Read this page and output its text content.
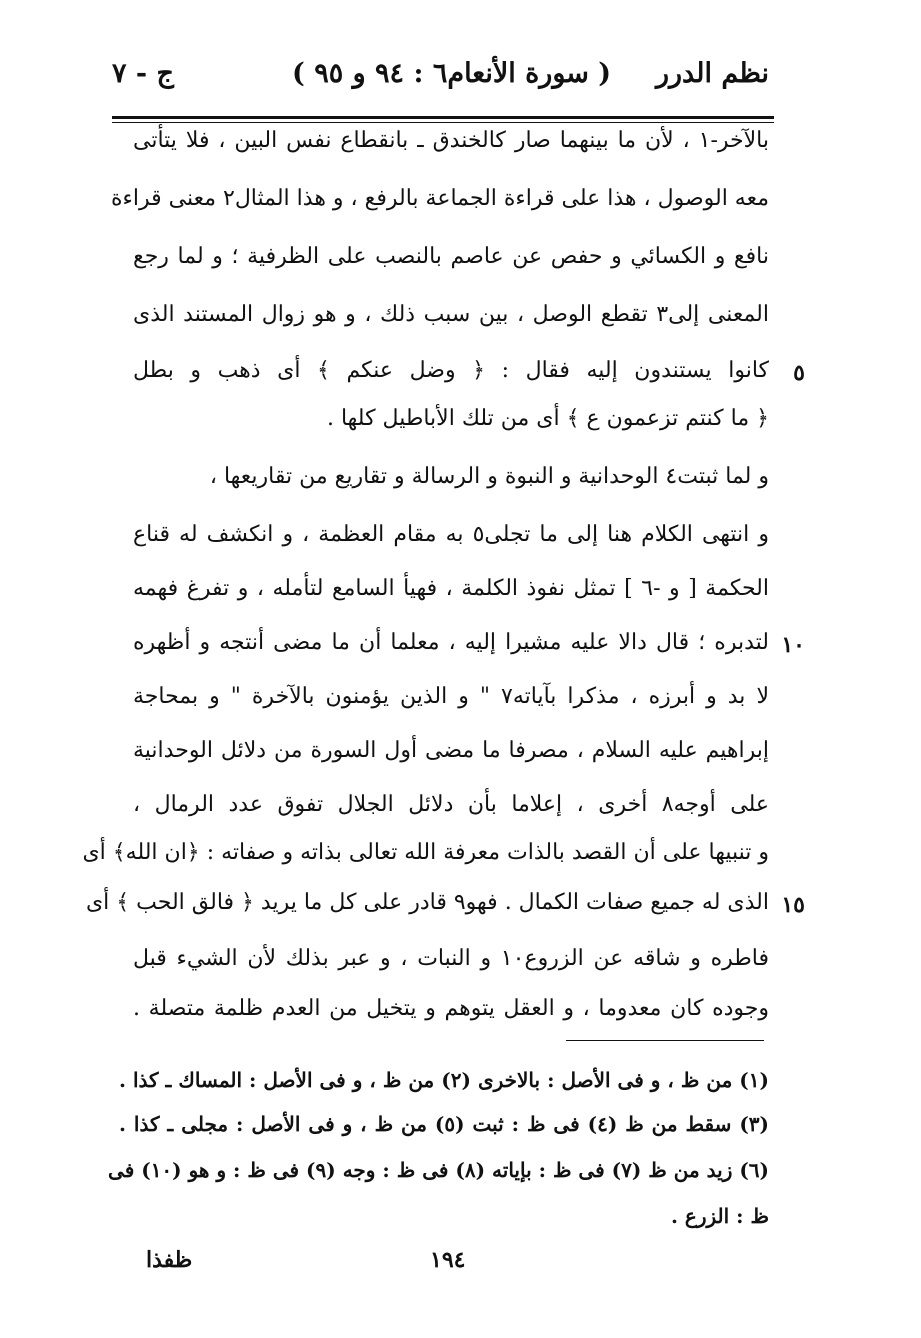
نظم الدرر
( سورة الأنعام٦ : ٩٤ و ٩٥ )
ج - ٧
بالآخر-١ ، لأن ما بينهما صار كالخندق ـ بانقطاع نفس البين ، فلا يتأتى
معه الوصول ، هذا على قراءة الجماعة بالرفع ، و هذا المثال٢ معنى قراءة
نافع و الكسائي و حفص عن عاصم بالنصب على الظرفية ؛ و لما رجع
المعنى إلى٣ تقطع الوصل ، بين سبب ذلك ، و هو زوال المستند الذى
كانوا يستندون إليه فقال : ﴿ وضل عنكم ﴾ أى ذهب و بطل
﴿ ما كنتم تزعمون ع ﴾ أى من تلك الأباطيل كلها .
و لما ثبتت٤ الوحدانية و النبوة و الرسالة و تقاريع من تقاريعها ،
و انتهى الكلام هنا إلى ما تجلى٥ به مقام العظمة ، و انكشف له قناع
الحكمة [ و -٦ ] تمثل نفوذ الكلمة ، فهيأ السامع لتأمله ، و تفرغ فهمه
لتدبره ؛ قال دالا عليه مشيرا إليه ، معلما أن ما مضى أنتجه و أظهره
لا بد و أبرزه ، مذكرا بآياته٧ " و الذين يؤمنون بالآخرة " و بمحاجة
إبراهيم عليه السلام ، مصرفا ما مضى أول السورة من دلائل الوحدانية
على أوجه٨ أخرى ، إعلاما بأن دلائل الجلال تفوق عدد الرمال ،
و تنبيها على أن القصد بالذات معرفة الله تعالى بذاته و صفاته : ﴿ان الله﴾ أى
الذى له جميع صفات الكمال . فهو٩ قادر على كل ما يريد ﴿ فالق الحب ﴾ أى
فاطره و شاقه عن الزروع١٠ و النبات ، و عبر بذلك لأن الشيء قبل
وجوده كان معدوما ، و العقل يتوهم و يتخيل من العدم ظلمة متصلة .
٥
١٠
١٥
(١) من ظ ، و فى الأصل : بالاخرى (٢) من ظ ، و فى الأصل : المساك ـ كذا .
(٣) سقط من ظ (٤) فى ظ : ثبت (٥) من ظ ، و فى الأصل : مجلى ـ كذا .
(٦) زيد من ظ (٧) فى ظ : بإياته (٨) فى ظ : وجه (٩) فى ظ : و هو (١٠) فى
ظ : الزرع .
١٩٤
ظفذا
